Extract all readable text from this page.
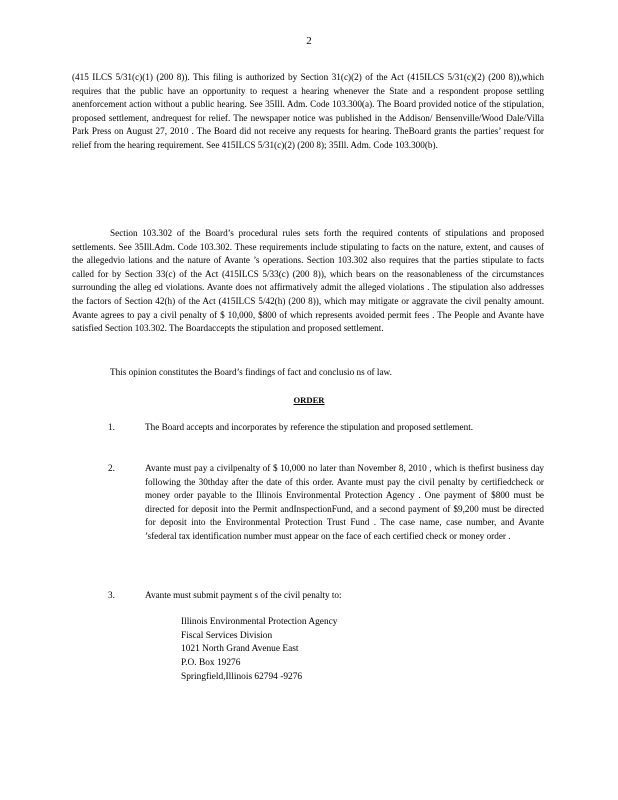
2

(415 ILCS 5/31(c)(1) (200 8)). This filing is authorized by Section 31(c)(2) of the Act (415ILCS 5/31(c)(2) (200 8)),which requires that the public have an opportunity to request a hearing whenever the State and a respondent propose settling anenforcement action without a public hearing. See 35Ill. Adm. Code 103.300(a). The Board provided notice of the stipulation, proposed settlement, andrequest for relief. The newspaper notice was published in the Addison/ Bensenville/Wood Dale/Villa Park Press on August 27, 2010 . The Board did not receive any requests for hearing. TheBoard grants the parties’ request for relief from the hearing requirement. See 415ILCS 5/31(c)(2) (200 8); 35Ill. Adm. Code 103.300(b).

Section 103.302 of the Board’s procedural rules sets forth the required contents of stipulations and proposed settlements. See 35Ill.Adm. Code 103.302. These requirements include stipulating to facts on the nature, extent, and causes of the allegedvio lations and the nature of Avante ’s operations. Section 103.302 also requires that the parties stipulate to facts called for by Section 33(c) of the Act (415ILCS 5/33(c) (200 8)), which bears on the reasonableness of the circumstances surrounding the alleg ed violations. Avante does not affirmatively admit the alleged violations . The stipulation also addresses the factors of Section 42(h) of the Act (415ILCS 5/42(h) (200 8)), which may mitigate or aggravate the civil penalty amount. Avante agrees to pay a civil penalty of $ 10,000, $800 of which represents avoided permit fees . The People and Avante have satisfied Section 103.302. The Boardaccepts the stipulation and proposed settlement.

This opinion constitutes the Board’s findings of fact and conclusio ns of law.

ORDER
1.	The Board accepts and incorporates by reference the stipulation and proposed settlement.

2.	Avante must pay a civilpenalty of $ 10,000 no later than November 8, 2010 , which is thefirst business day following the 30thday after the date of this order. Avante must pay the civil penalty by certifiedcheck or money order payable to the Illinois Environmental Protection Agency . One payment of $800 must be directed for deposit into the Permit andInspectionFund, and a second payment of $9,200 must be directed for deposit into the Environmental Protection Trust Fund . The case name, case number, and Avante ’sfederal tax identification number must appear on the face of each certified check or money order .

3.	Avante must submit payment s of the civil penalty to:

Illinois Environmental Protection Agency
Fiscal Services Division
1021 North Grand Avenue East
P.O. Box 19276
Springfield,Illinois 62794 -9276
